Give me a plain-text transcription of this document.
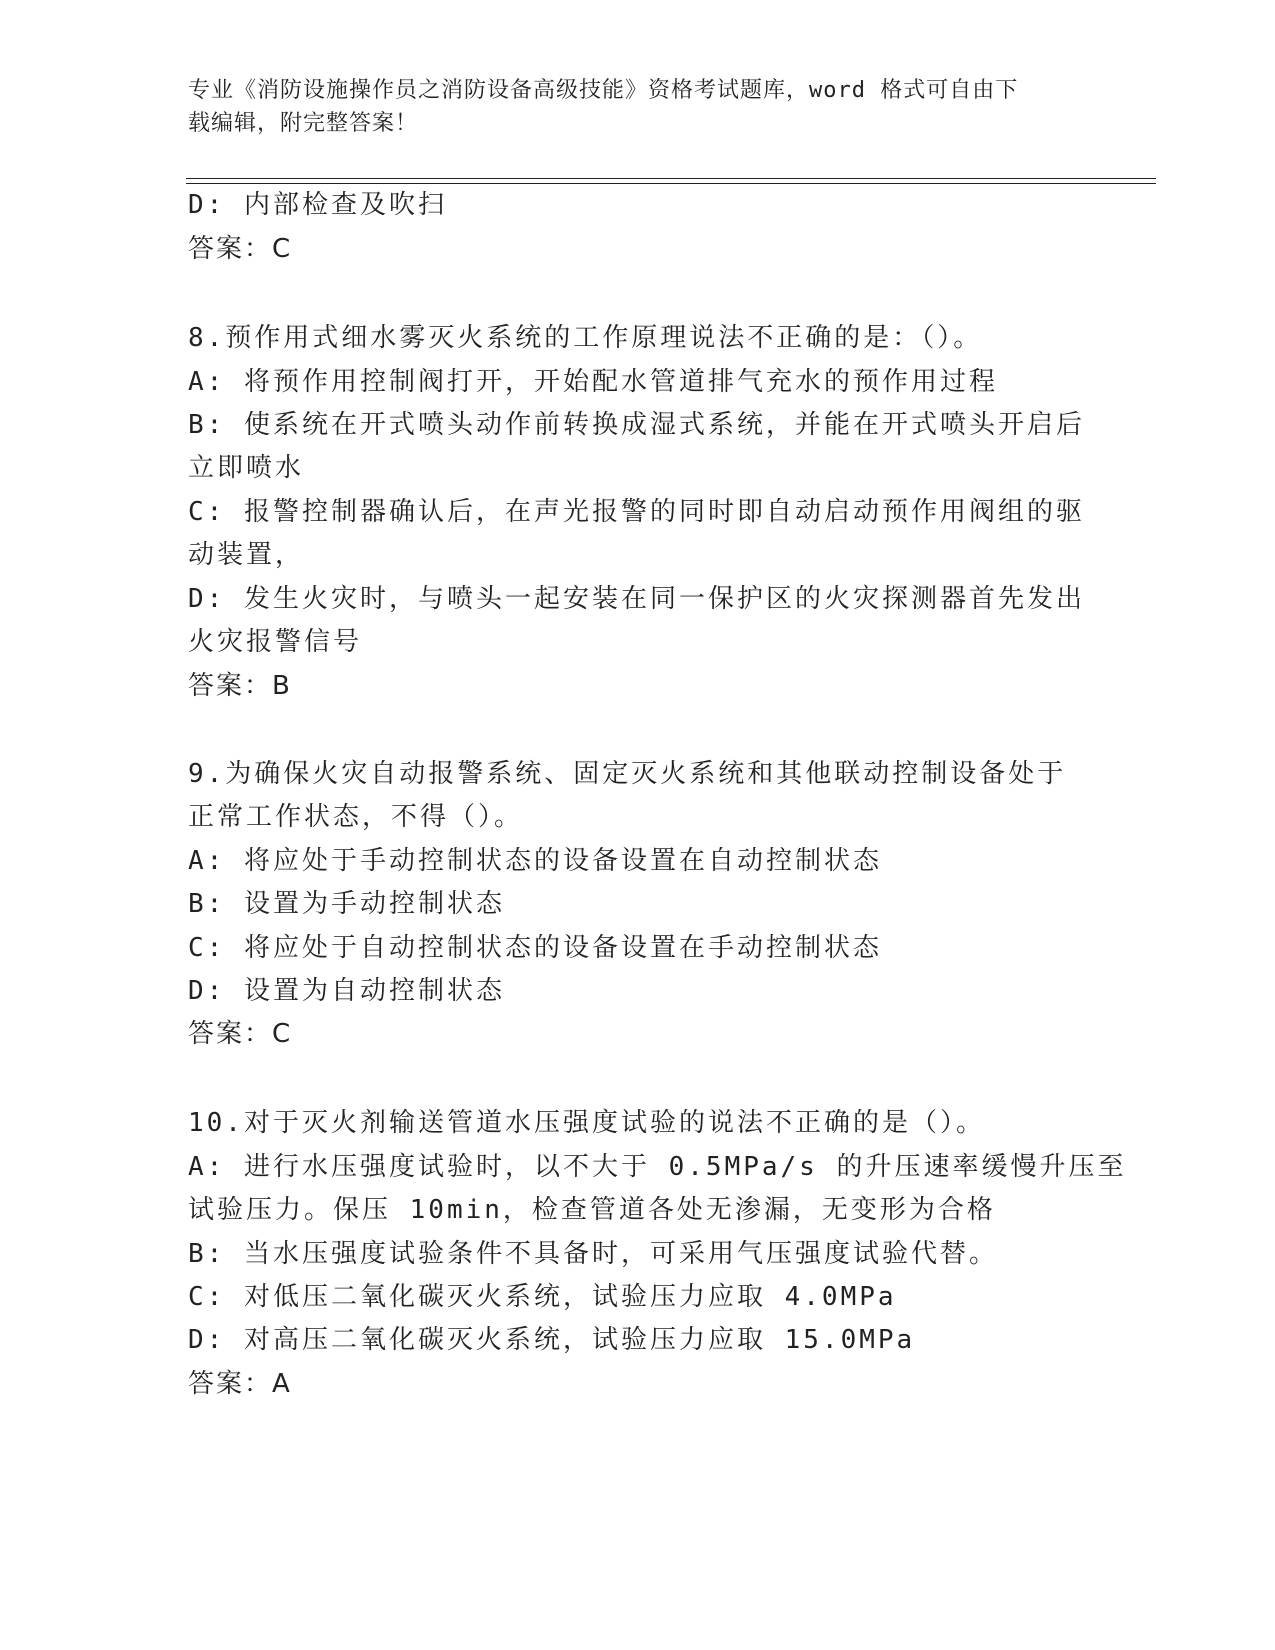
专业《消防设施操作员之消防设备高级技能》资格考试题库，word 格式可自由下
载编辑，附完整答案！
D: 内部检查及吹扫
答案：C
8.预作用式细水雾灭火系统的工作原理说法不正确的是：（）。
A: 将预作用控制阀打开，开始配水管道排气充水的预作用过程
B: 使系统在开式喷头动作前转换成湿式系统，并能在开式喷头开启后
立即喷水
C: 报警控制器确认后，在声光报警的同时即自动启动预作用阀组的驱
动装置，
D: 发生火灾时，与喷头一起安装在同一保护区的火灾探测器首先发出
火灾报警信号
答案：B
9.为确保火灾自动报警系统、固定灭火系统和其他联动控制设备处于
正常工作状态，不得（）。
A: 将应处于手动控制状态的设备设置在自动控制状态
B: 设置为手动控制状态
C: 将应处于自动控制状态的设备设置在手动控制状态
D: 设置为自动控制状态
答案：C
10.对于灭火剂输送管道水压强度试验的说法不正确的是（）。
A: 进行水压强度试验时，以不大于 0.5MPa/s 的升压速率缓慢升压至
试验压力。保压 10min，检查管道各处无渗漏，无变形为合格
B: 当水压强度试验条件不具备时，可采用气压强度试验代替。
C: 对低压二氧化碳灭火系统，试验压力应取 4.0MPa
D: 对高压二氧化碳灭火系统，试验压力应取 15.0MPa
答案：A
